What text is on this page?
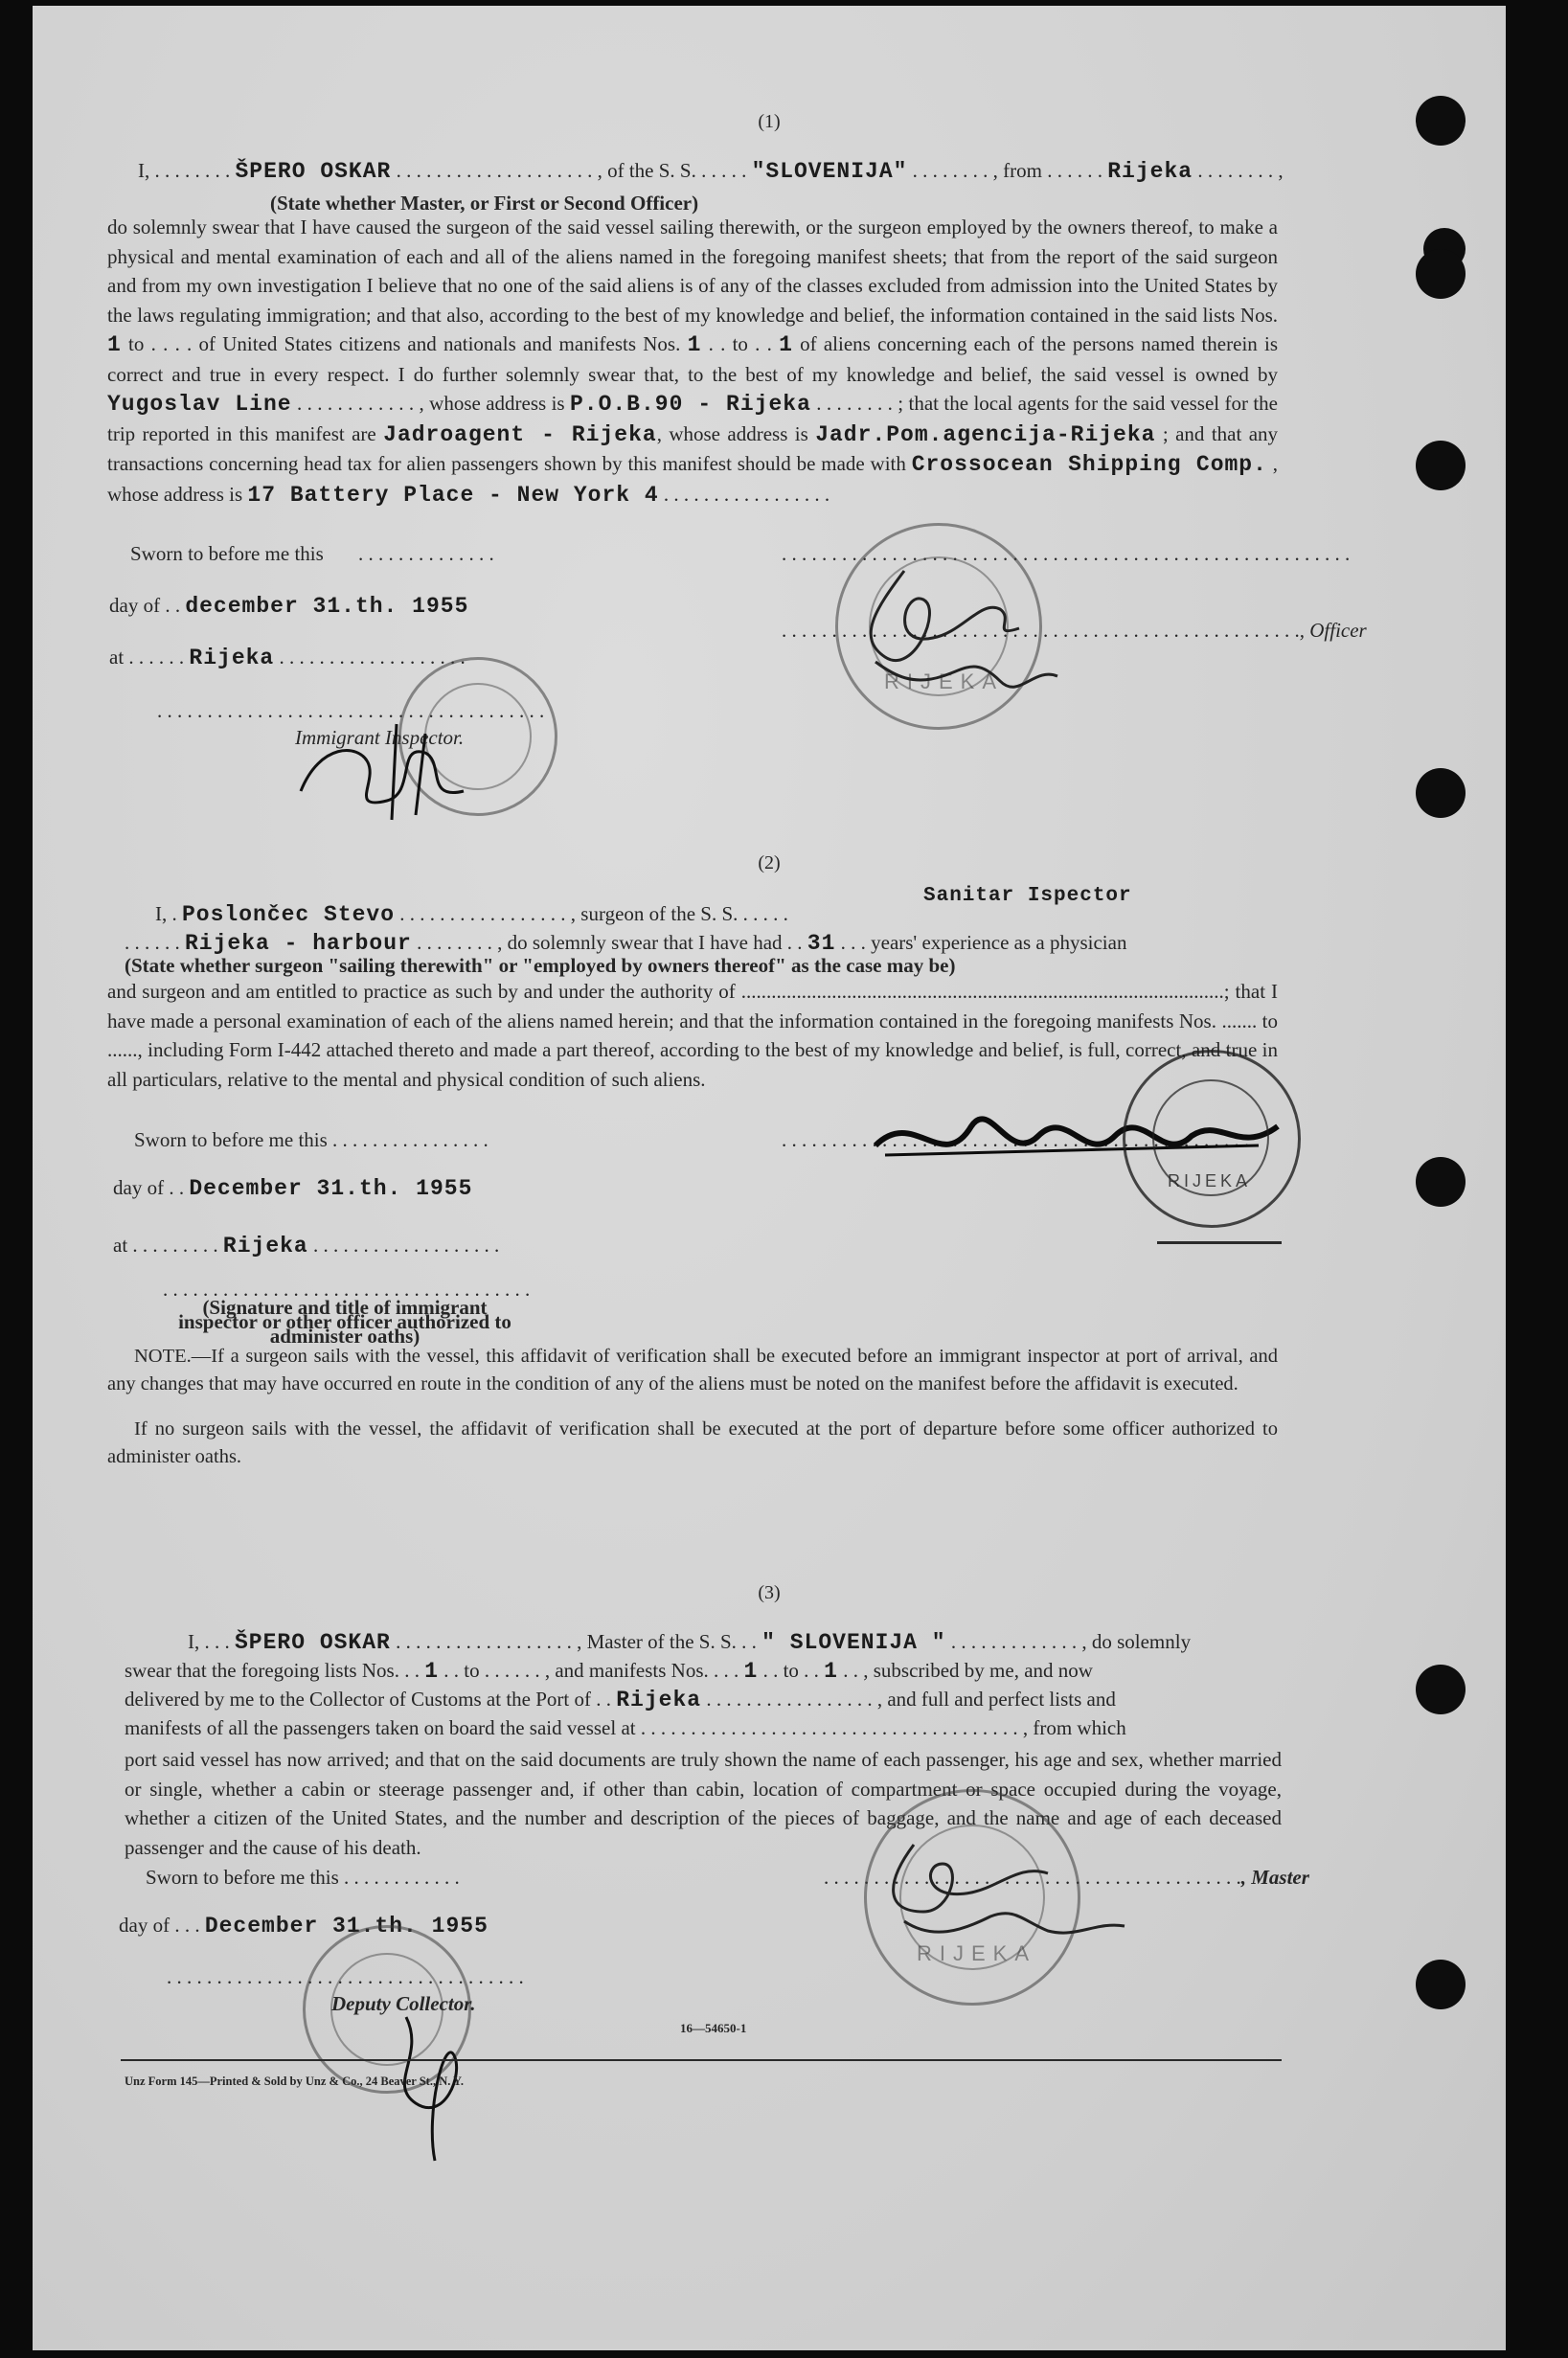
(1)
I, . . . . . . . . ŠPERO OSKAR . . . . . . . . . . . . . . . . . . . . , of the S. S. . . . . . "SLOVENIJA" . . . . . . . . , from . . . . . . Rijeka . . . . . . . . ,
(State whether Master, or First or Second Officer)
do solemnly swear that I have caused the surgeon of the said vessel sailing therewith, or the surgeon employed by the owners thereof, to make a physical and mental examination of each and all of the aliens named in the foregoing manifest sheets; that from the report of the said surgeon and from my own investigation I believe that no one of the said aliens is of any of the classes excluded from admission into the United States by the laws regulating immigration; and that also, according to the best of my knowledge and belief, the information contained in the said lists Nos. 1 to . . . . of United States citizens and nationals and manifests Nos. 1 . . to . . 1 of aliens concerning each of the persons named therein is correct and true in every respect. I do further solemnly swear that, to the best of my knowledge and belief, the said vessel is owned by Yugoslav Line . . . . . . . . . . . . , whose address is P.O.B.90 - Rijeka . . . . . . . . ; that the local agents for the said vessel for the trip reported in this manifest are Jadroagent - Rijeka, whose address is Jadr.Pom.agencija-Rijeka ; and that any transactions concerning head tax for alien passengers shown by this manifest should be made with Crossocean Shipping Comp. , whose address is 17 Battery Place - New York 4 . . . . . . . . . . . . . . . . .
Sworn to before me this . . . . . . . . . . . . . .	. . . . . . . . . . . . . . . . . . . . . . . . . . . . . . . . . . . . . . . . . . . . . . . . . . . . . . . . .
day of . . december 31.th. 1955
. . . . . . . . . . . . . . . . . . . . . . . . . . . . . . . . . . . . . . . . . . . . . . . . . . . ., Officer
at . . . . . . Rijeka . . . . . . . . . . . . . . . . . . .
. . . . . . . . . . . . . . . . . . . . . . . . . . . . . . . . . . . . . . .
Immigrant Inspector.
RIJEKA
(2)
I, . Poslončec Stevo . . . . . . . . . . . . . . . . . , surgeon of the S. S. . . . . .
Sanitar Ispector
. . . . . . Rijeka - harbour . . . . . . . . , do solemnly swear that I have had . . 31 . . . years' experience as a physician
(State whether surgeon "sailing therewith" or "employed by owners thereof" as the case may be)
and surgeon and am entitled to practice as such by and under the authority of ................................................................................................; that I have made a personal examination of each of the aliens named herein; and that the information contained in the foregoing manifests Nos. ....... to ......, including Form I-442 attached thereto and made a part thereof, according to the best of my knowledge and belief, is full, correct, and true in all particulars, relative to the mental and physical condition of such aliens.
Sworn to before me this . . . . . . . . . . . . . . . .	. . . . . . . . . . . . . . . . . . . . . . . . . . . . . . . . . . . . . . . . . . . . . . .
day of . . December 31.th. 1955
at . . . . . . . . . Rijeka . . . . . . . . . . . . . . . . . . .
. . . . . . . . . . . . . . . . . . . . . . . . . . . . . . . . . . . . .
(Signature and title of immigrant inspector or other officer authorized to administer oaths)
RIJEKA
NOTE.—If a surgeon sails with the vessel, this affidavit of verification shall be executed before an immigrant inspector at port of arrival, and any changes that may have occurred en route in the condition of any of the aliens must be noted on the manifest before the affidavit is executed.
If no surgeon sails with the vessel, the affidavit of verification shall be executed at the port of departure before some officer authorized to administer oaths.
(3)
I, . . . ŠPERO OSKAR . . . . . . . . . . . . . . . . . . , Master of the S. S. . . " SLOVENIJA " . . . . . . . . . . . . . , do solemnly
swear that the foregoing lists Nos. . . 1 . . to . . . . . . , and manifests Nos. . . . 1 . . to . . 1 . . , subscribed by me, and now
delivered by me to the Collector of Customs at the Port of . . Rijeka . . . . . . . . . . . . . . . . . , and full and perfect lists and
manifests of all the passengers taken on board the said vessel at . . . . . . . . . . . . . . . . . . . . . . . . . . . . . . . . . . . . . . , from which
port said vessel has now arrived; and that on the said documents are truly shown the name of each passenger, his age and sex, whether married or single, whether a cabin or steerage passenger and, if other than cabin, location of compartment or space occupied during the voyage, whether a citizen of the United States, and the number and description of the pieces of baggage, and the name and age of each deceased passenger and the cause of his death.
Sworn to before me this . . . . . . . . . . . .	. . . . . . . . . . . . . . . . . . . . . . . . . . . . . . . . . . . . . . . . . ., Master
day of . . . December 31.th. 1955
. . . . . . . . . . . . . . . . . . . . . . . . . . . . . . . . . . . .
Deputy Collector.
RIJEKA
16—54650-1
Unz Form 145—Printed & Sold by Unz & Co., 24 Beaver St., N. Y.
